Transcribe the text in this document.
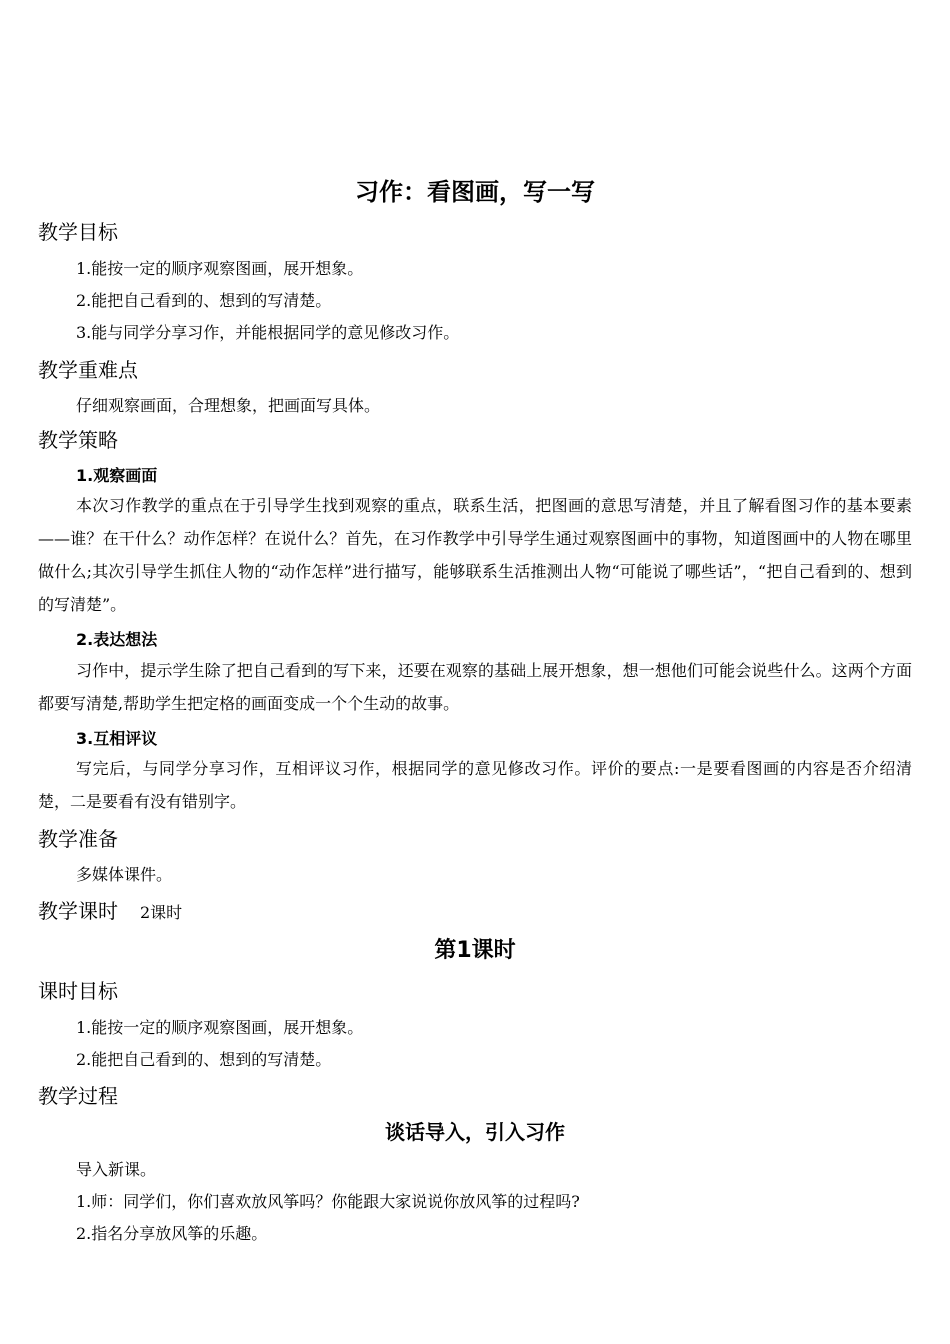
习作：看图画，写一写
教学目标
1.能按一定的顺序观察图画，展开想象。
2.能把自己看到的、想到的写清楚。
3.能与同学分享习作，并能根据同学的意见修改习作。
教学重难点
仔细观察画面，合理想象，把画面写具体。
教学策略
1.观察画面
本次习作教学的重点在于引导学生找到观察的重点，联系生活，把图画的意思写清楚，并且了解看图习作的基本要素——谁？在干什么？动作怎样？在说什么？首先，在习作教学中引导学生通过观察图画中的事物，知道图画中的人物在哪里做什么;其次引导学生抓住人物的“动作怎样”进行描写，能够联系生活推测出人物“可能说了哪些话”，“把自己看到的、想到的写清楚”。
2.表达想法
习作中，提示学生除了把自己看到的写下来，还要在观察的基础上展开想象，想一想他们可能会说些什么。这两个方面都要写清楚,帮助学生把定格的画面变成一个个生动的故事。
3.互相评议
写完后，与同学分享习作，互相评议习作，根据同学的意见修改习作。评价的要点:一是要看图画的内容是否介绍清楚，二是要看有没有错别字。
教学准备
多媒体课件。
教学课时 2课时
第1课时
课时目标
1.能按一定的顺序观察图画，展开想象。
2.能把自己看到的、想到的写清楚。
教学过程
谈话导入，引入习作
导入新课。
1.师：同学们，你们喜欢放风筝吗？你能跟大家说说你放风筝的过程吗?
2.指名分享放风筝的乐趣。
